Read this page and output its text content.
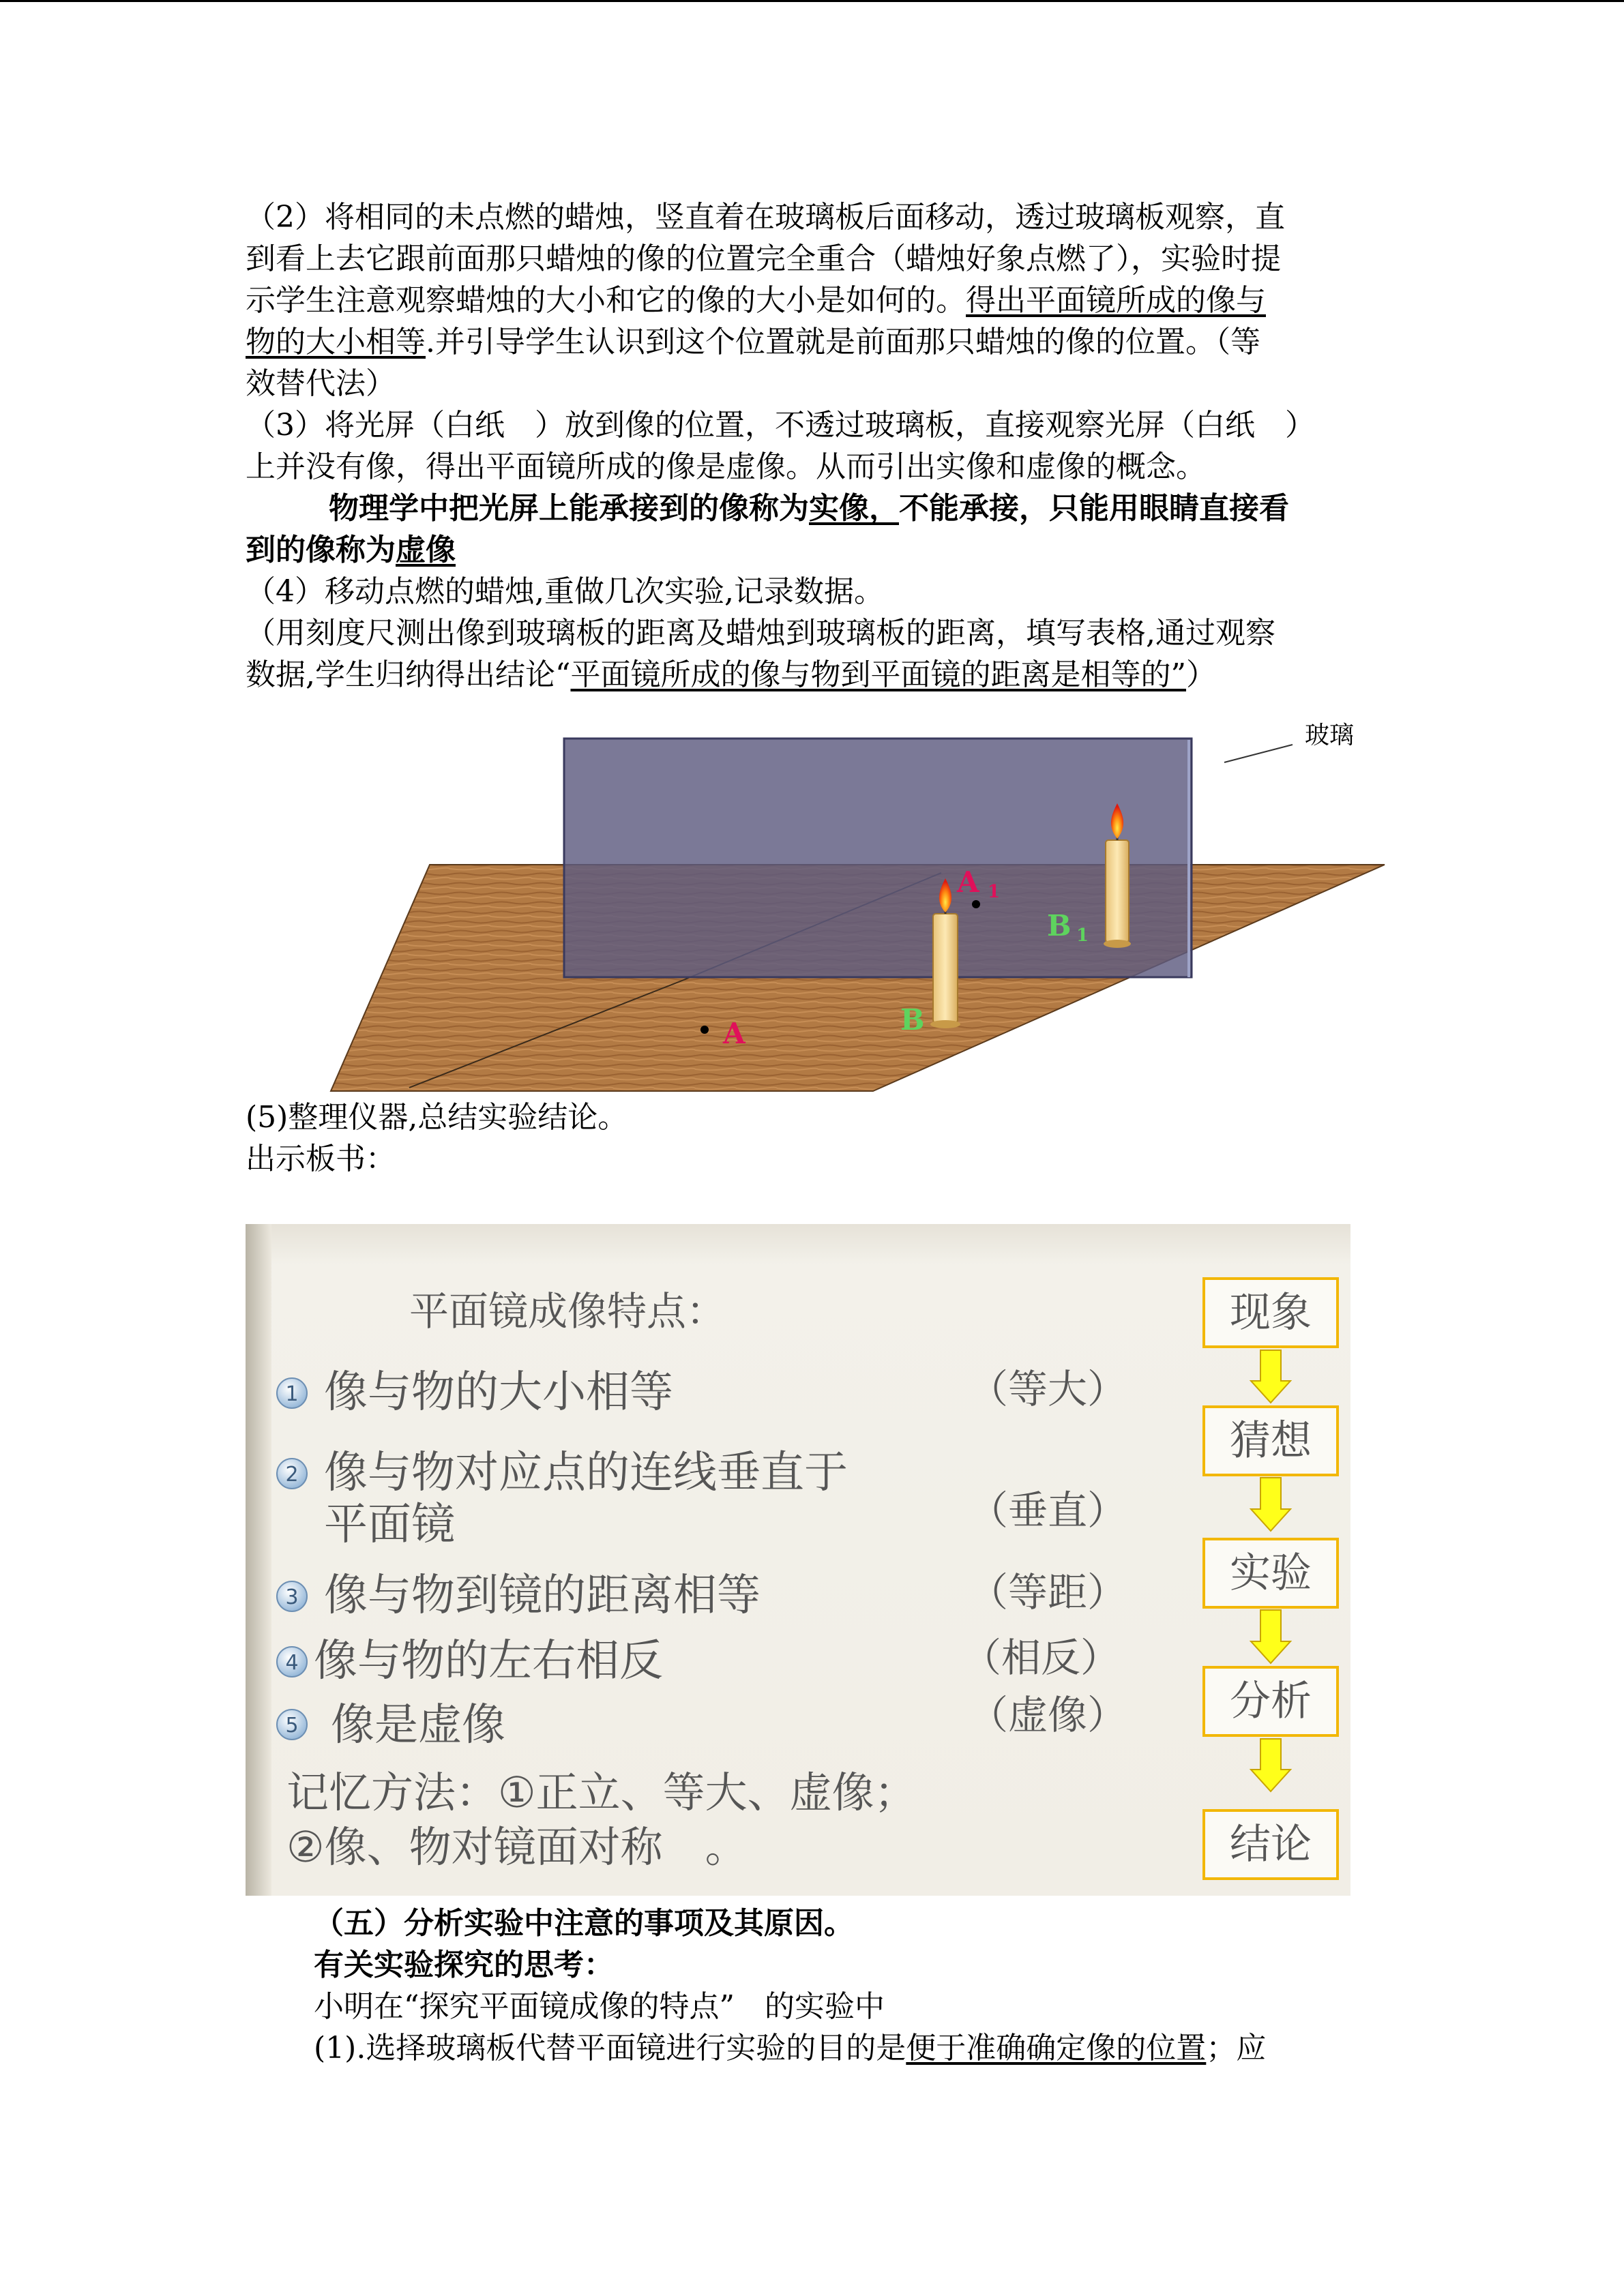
（2）将相同的未点燃的蜡烛，竖直着在玻璃板后面移动，透过玻璃板观察，直
到看上去它跟前面那只蜡烛的像的位置完全重合（蜡烛好象点燃了），实验时提
示学生注意观察蜡烛的大小和它的像的大小是如何的。得出平面镜所成的像与
物的大小相等.并引导学生认识到这个位置就是前面那只蜡烛的像的位置。（等
效替代法）
（3）将光屏（白纸　）放到像的位置，不透过玻璃板，直接观察光屏（白纸　）
上并没有像，得出平面镜所成的像是虚像。从而引出实像和虚像的概念。
物理学中把光屏上能承接到的像称为实像，不能承接，只能用眼睛直接看
到的像称为虚像
（4）移动点燃的蜡烛,重做几次实验,记录数据。
（用刻度尺测出像到玻璃板的距离及蜡烛到玻璃板的距离，填写表格,通过观察
数据,学生归纳得出结论“平面镜所成的像与物到平面镜的距离是相等的”）
玻璃
A
A 1
B
B 1
(5)整理仪器,总结实验结论。
出示板书：
平面镜成像特点：
1 像与物的大小相等	（等大）
2 像与物对应点的连线垂直于
平面镜	（垂直）
3 像与物到镜的距离相等	（等距）
4 像与物的左右相反	（相反）
5 像是虚像	（虚像）
记忆方法：①正立、等大、虚像；
②像、物对镜面对称　。
现象
猜想
实验
分析
结论
（五）分析实验中注意的事项及其原因。
有关实验探究的思考：
小明在“探究平面镜成像的特点”　的实验中
(1).选择玻璃板代替平面镜进行实验的目的是便于准确确定像的位置；应
